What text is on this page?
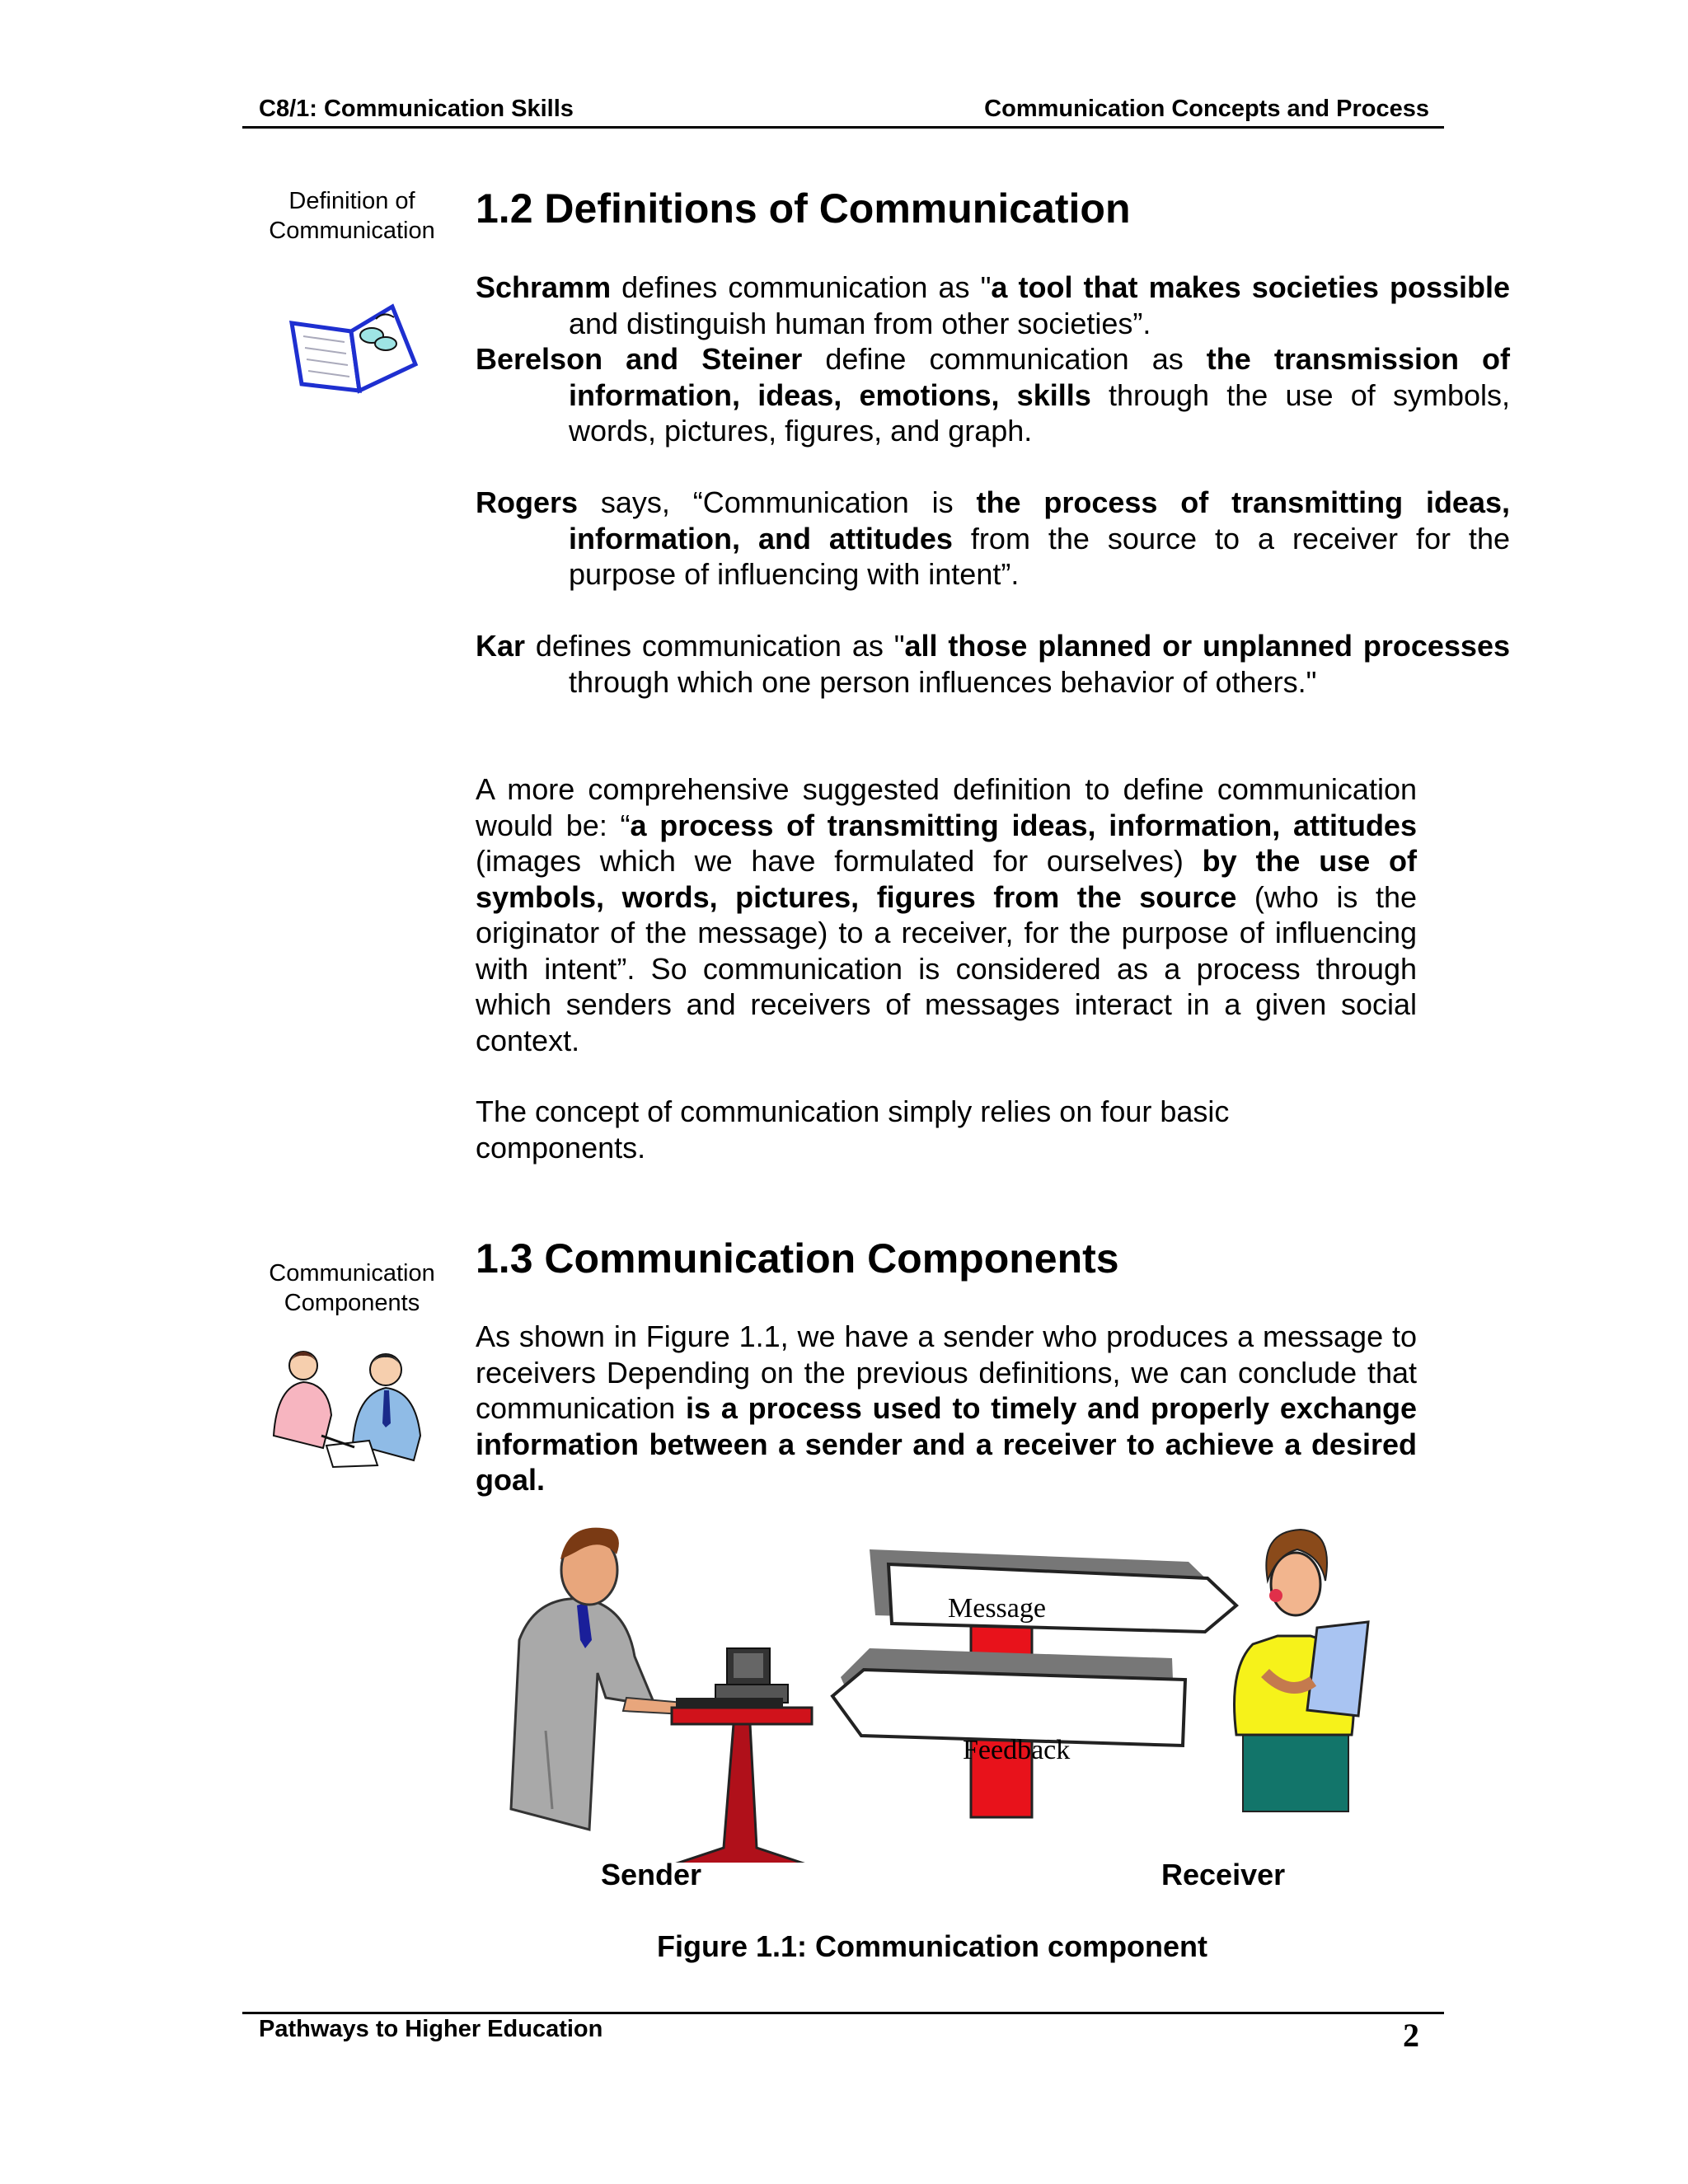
C8/1: Communication Skills	Communication Concepts and Process
Definition of
Communication 1.2 Definitions of Communication
Schramm defines communication as "a tool that makes societies possible and distinguish human from other societies”.
Berelson and Steiner define communication as the transmission of information, ideas, emotions, skills through the use of symbols, words, pictures, figures, and graph.
Rogers says, “Communication is the process of transmitting ideas, information, and attitudes from the source to a receiver for the purpose of influencing with intent”.
Kar defines communication as "all those planned or unplanned processes through which one person influences behavior of others."
A more comprehensive suggested definition to define communication would be: “a process of transmitting ideas, information, attitudes (images which we have formulated for ourselves) by the use of symbols, words, pictures, figures from the source (who is the originator of the message) to a receiver, for the purpose of influencing with intent”. So communication is considered as a process through which senders and receivers of messages interact in a given social context.
The concept of communication simply relies on four basic components.
Communication
Components
1.3 Communication Components
As shown in Figure 1.1, we have a sender who produces a message to receivers Depending on the previous definitions, we can conclude that communication is a process used to timely and properly exchange information between a sender and a receiver to achieve a desired goal.
Message
Feedback
Sender	Receiver
Figure 1.1: Communication component
Pathways to Higher Education	2
